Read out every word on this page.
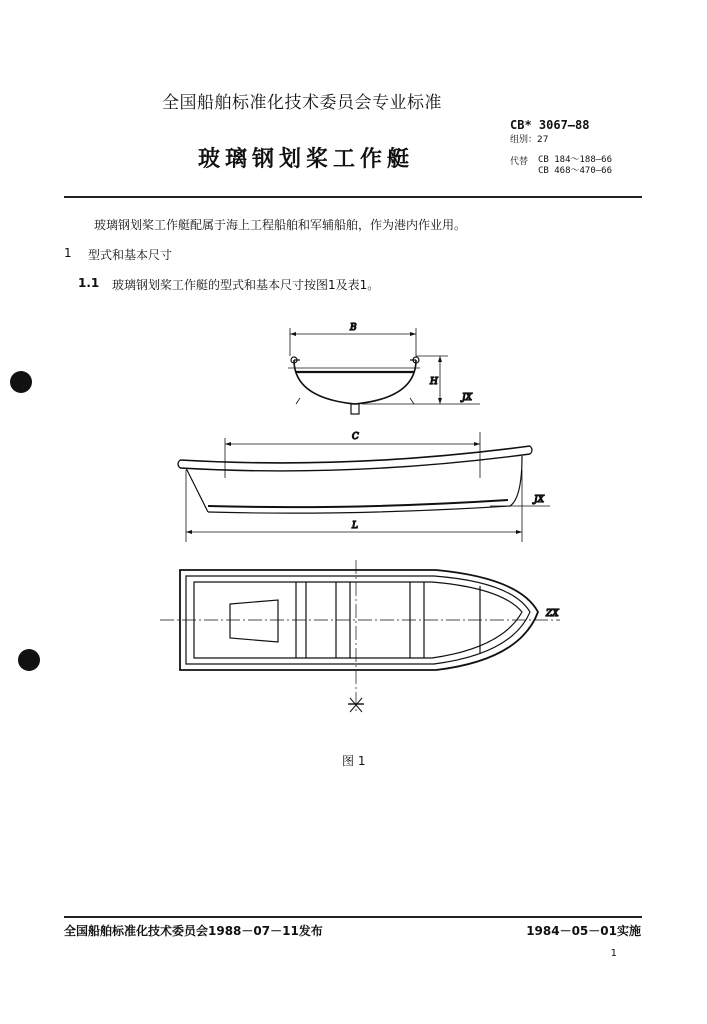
全国船舶标准化技术委员会专业标准
CB* 3067—88
组别：27
代替 CB 184～188—66
CB 468～470—66
玻璃钢划桨工作艇
玻璃钢划桨工作艇配属于海上工程船舶和军辅船舶，作为港内作业用。
1 型式和基本尺寸
1.1 玻璃钢划桨工作艇的型式和基本尺寸按图1及表1。
B
H
JX
C
L
JX
ZX
图 1
全国船舶标准化技术委员会1988－07－11发布	1984－05－01实施
1
